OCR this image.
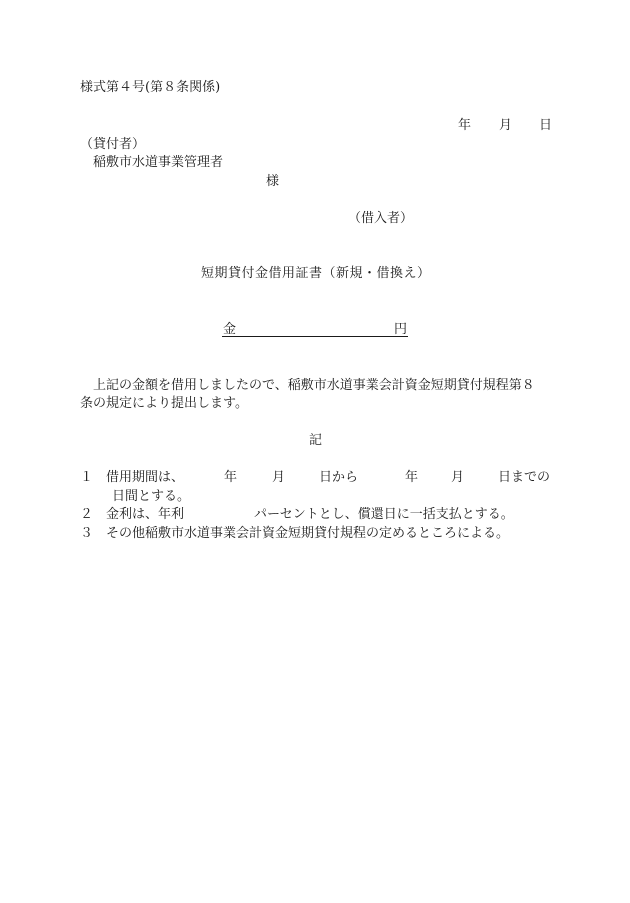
様式第４号(第８条関係)
年 月 日
（貸付者）
稲敷市水道事業管理者
様
（借入者）
短期貸付金借用証書（新規・借換え）
金	円
上記の金額を借用しましたので、稲敷市水道事業会計資金短期貸付規程第８
条の規定により提出します。
記
１ 借用期間は、	年	月	日から	年	月	日までの
日間とする。
２ 金利は、年利	パーセントとし、償還日に一括支払とする。
３ その他稲敷市水道事業会計資金短期貸付規程の定めるところによる。
